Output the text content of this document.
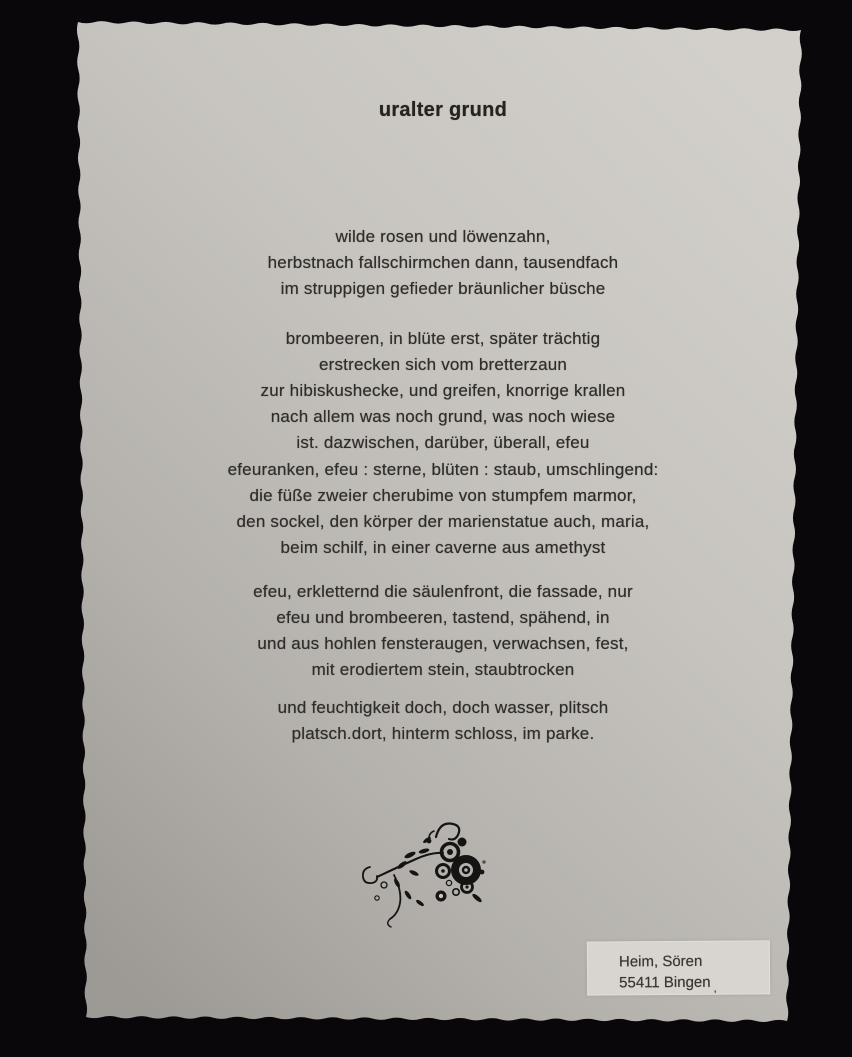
uralter grund
wilde rosen und löwenzahn,
herbstnach fallschirmchen dann, tausendfach
im struppigen gefieder bräunlicher büsche
brombeeren, in blüte erst, später trächtig
erstrecken sich vom bretterzaun
zur hibiskushecke, und greifen, knorrige krallen
nach allem was noch grund, was noch wiese
ist. dazwischen, darüber, überall, efeu
efeuranken, efeu : sterne, blüten : staub, umschlingend:
die füße zweier cherubime von stumpfem marmor,
den sockel, den körper der marienstatue auch, maria,
beim schilf, in einer caverne aus amethyst
efeu, erkletternd die säulenfront, die fassade, nur
efeu und brombeeren, tastend, spähend, in
und aus hohlen fensteraugen, verwachsen, fest,
mit erodiertem stein, staubtrocken
und feuchtigkeit doch, doch wasser, plitsch
platsch.dort, hinterm schloss, im parke.
Heim, Sören
55411 Bingen ,
